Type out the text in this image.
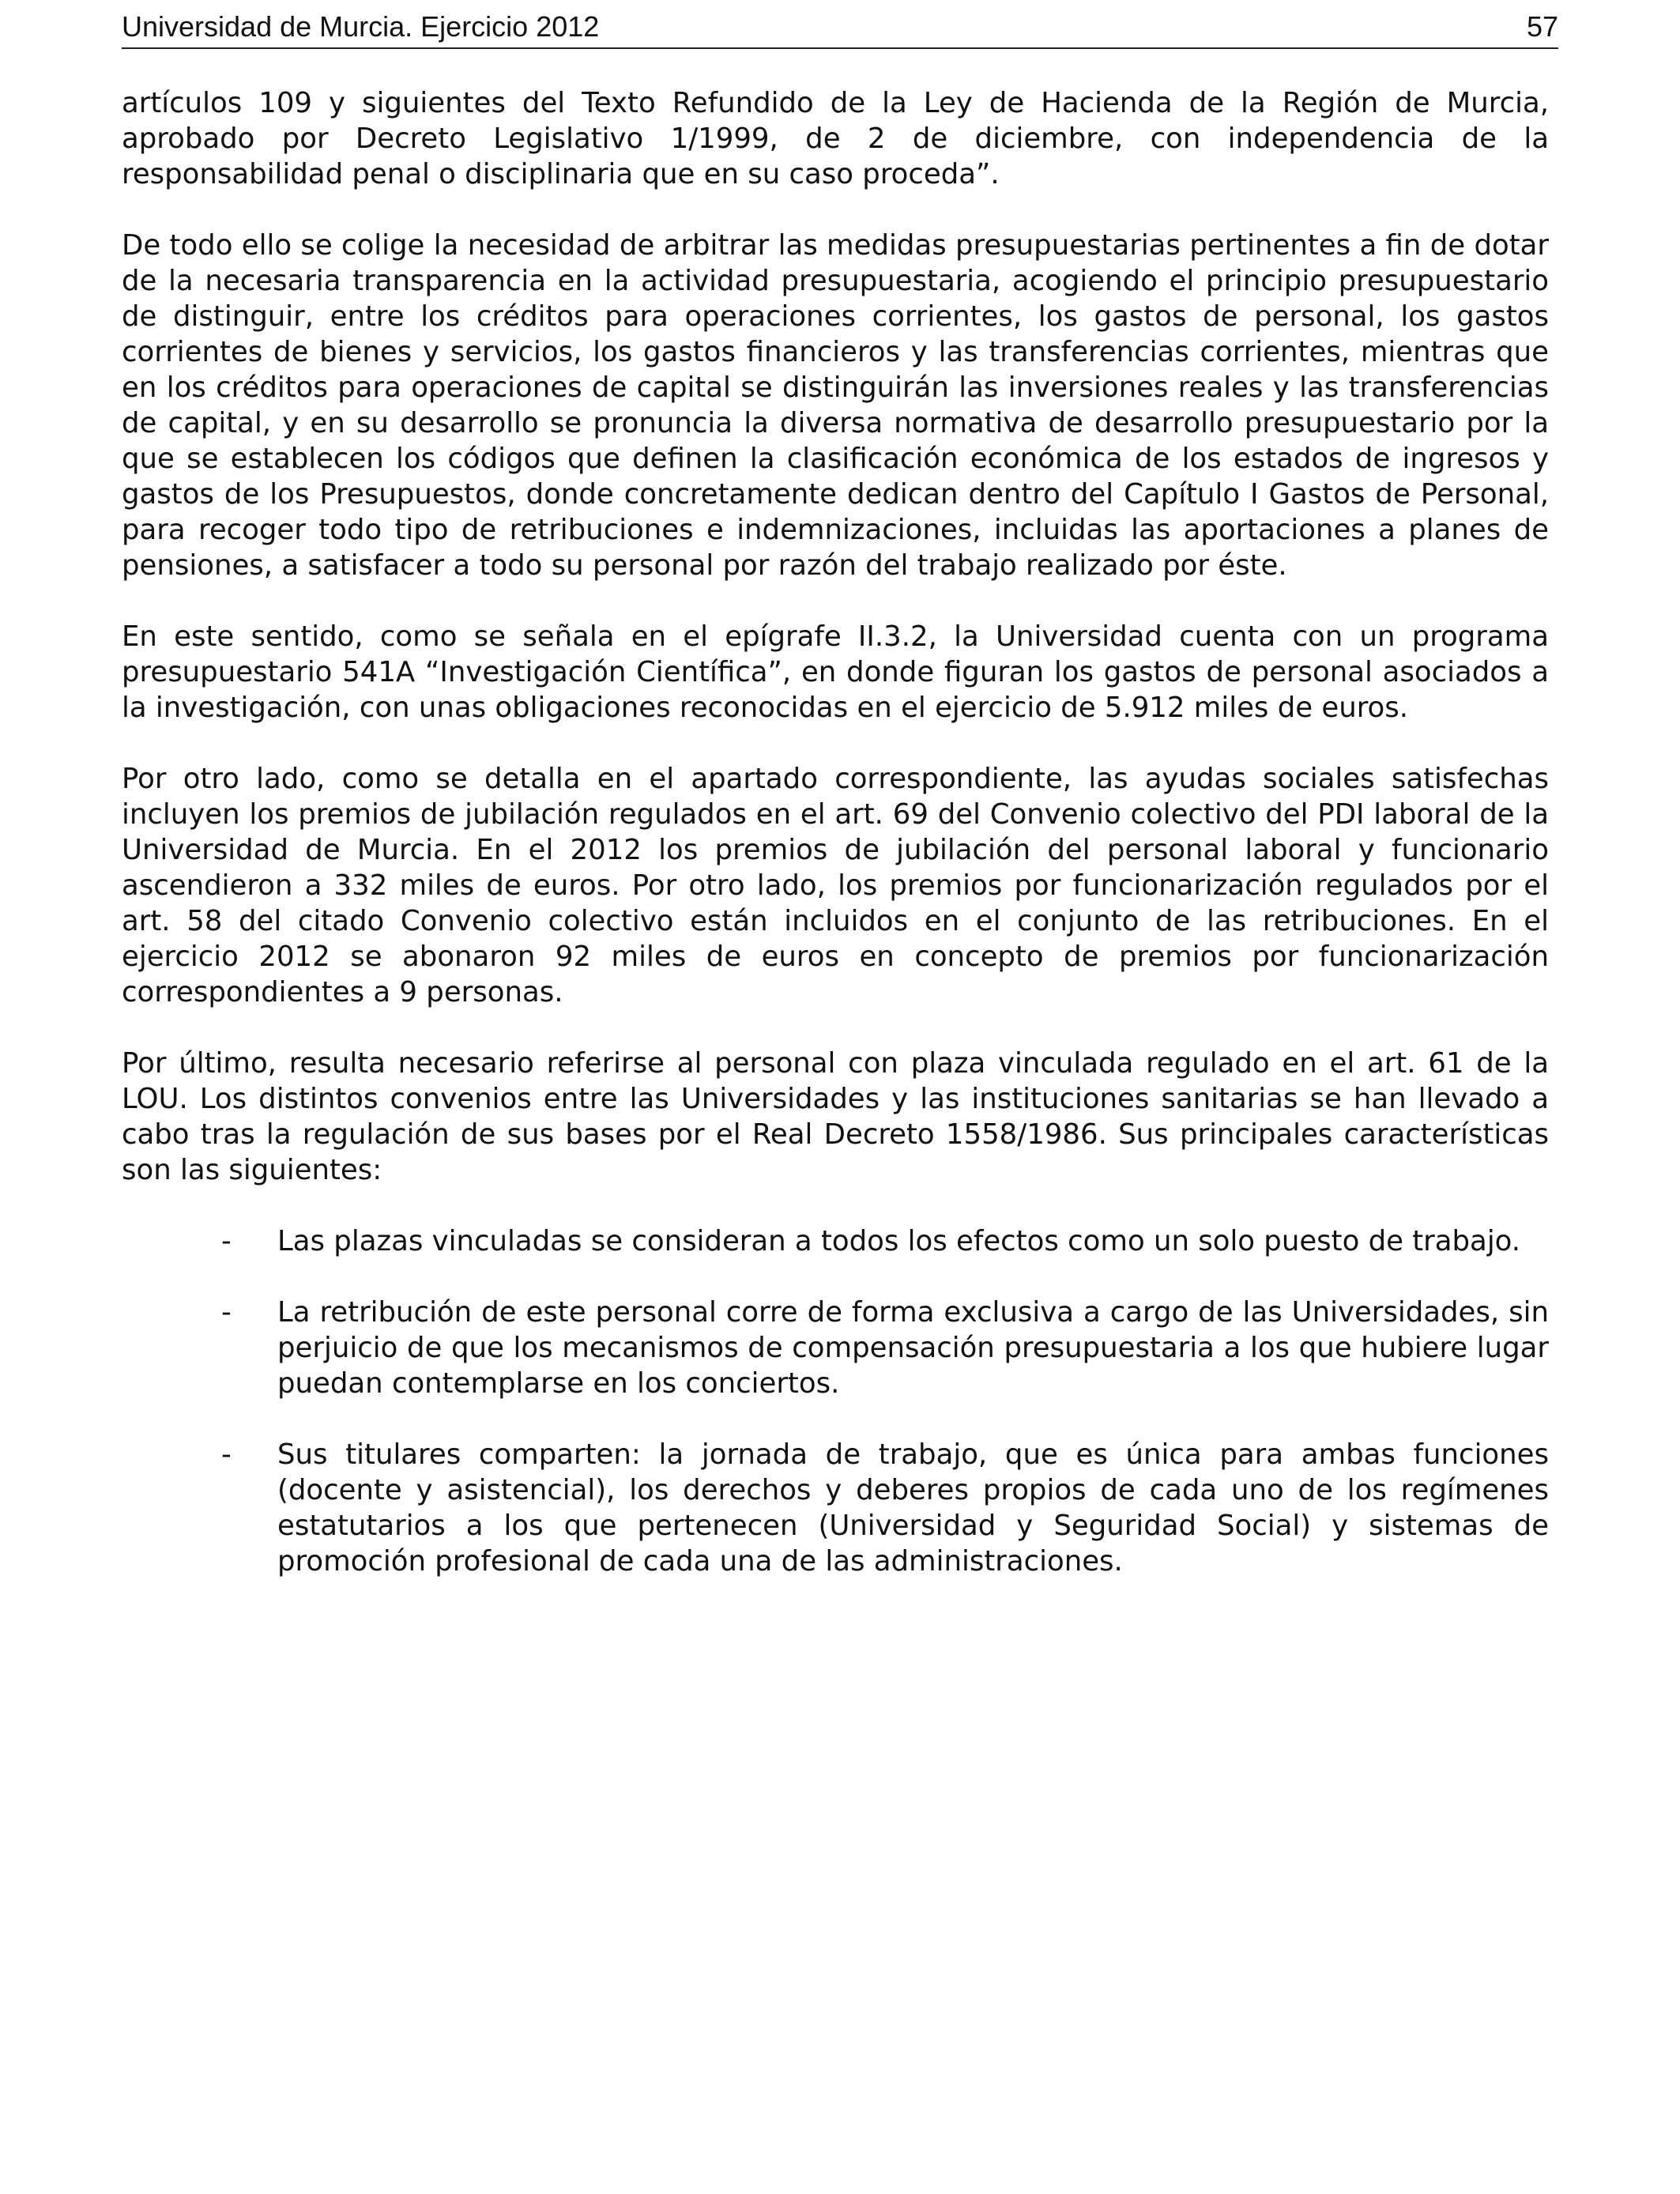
Universidad de Murcia. Ejercicio 2012	57

artículos 109 y siguientes del Texto Refundido de la Ley de Hacienda de la Región de Murcia, aprobado por Decreto Legislativo 1/1999, de 2 de diciembre, con independencia de la responsabilidad penal o disciplinaria que en su caso proceda”.

De todo ello se colige la necesidad de arbitrar las medidas presupuestarias pertinentes a fin de dotar de la necesaria transparencia en la actividad presupuestaria, acogiendo el principio presupuestario de distinguir, entre los créditos para operaciones corrientes, los gastos de personal, los gastos corrientes de bienes y servicios, los gastos financieros y las transferencias corrientes, mientras que en los créditos para operaciones de capital se distinguirán las inversiones reales y las transferencias de capital, y en su desarrollo se pronuncia la diversa normativa de desarrollo presupuestario por la que se establecen los códigos que definen la clasificación económica de los estados de ingresos y gastos de los Presupuestos, donde concretamente dedican dentro del Capítulo I Gastos de Personal, para recoger todo tipo de retribuciones e indemnizaciones, incluidas las aportaciones a planes de pensiones, a satisfacer a todo su personal por razón del trabajo realizado por éste.

En este sentido, como se señala en el epígrafe II.3.2, la Universidad cuenta con un programa presupuestario 541A “Investigación Científica”, en donde figuran los gastos de personal asociados a la investigación, con unas obligaciones reconocidas en el ejercicio de 5.912 miles de euros.

Por otro lado, como se detalla en el apartado correspondiente, las ayudas sociales satisfechas incluyen los premios de jubilación regulados en el art. 69 del Convenio colectivo del PDI laboral de la Universidad de Murcia. En el 2012 los premios de jubilación del personal laboral y funcionario ascendieron a 332 miles de euros. Por otro lado, los premios por funcionarización regulados por el art. 58 del citado Convenio colectivo están incluidos en el conjunto de las retribuciones. En el ejercicio 2012 se abonaron 92 miles de euros en concepto de premios por funcionarización correspondientes a 9 personas.

Por último, resulta necesario referirse al personal con plaza vinculada regulado en el art. 61 de la LOU. Los distintos convenios entre las Universidades y las instituciones sanitarias se han llevado a cabo tras la regulación de sus bases por el Real Decreto 1558/1986. Sus principales características son las siguientes:

- Las plazas vinculadas se consideran a todos los efectos como un solo puesto de trabajo.
- La retribución de este personal corre de forma exclusiva a cargo de las Universidades, sin perjuicio de que los mecanismos de compensación presupuestaria a los que hubiere lugar puedan contemplarse en los conciertos.
- Sus titulares comparten: la jornada de trabajo, que es única para ambas funciones (docente y asistencial), los derechos y deberes propios de cada uno de los regímenes estatutarios a los que pertenecen (Universidad y Seguridad Social) y sistemas de promoción profesional de cada una de las administraciones.
